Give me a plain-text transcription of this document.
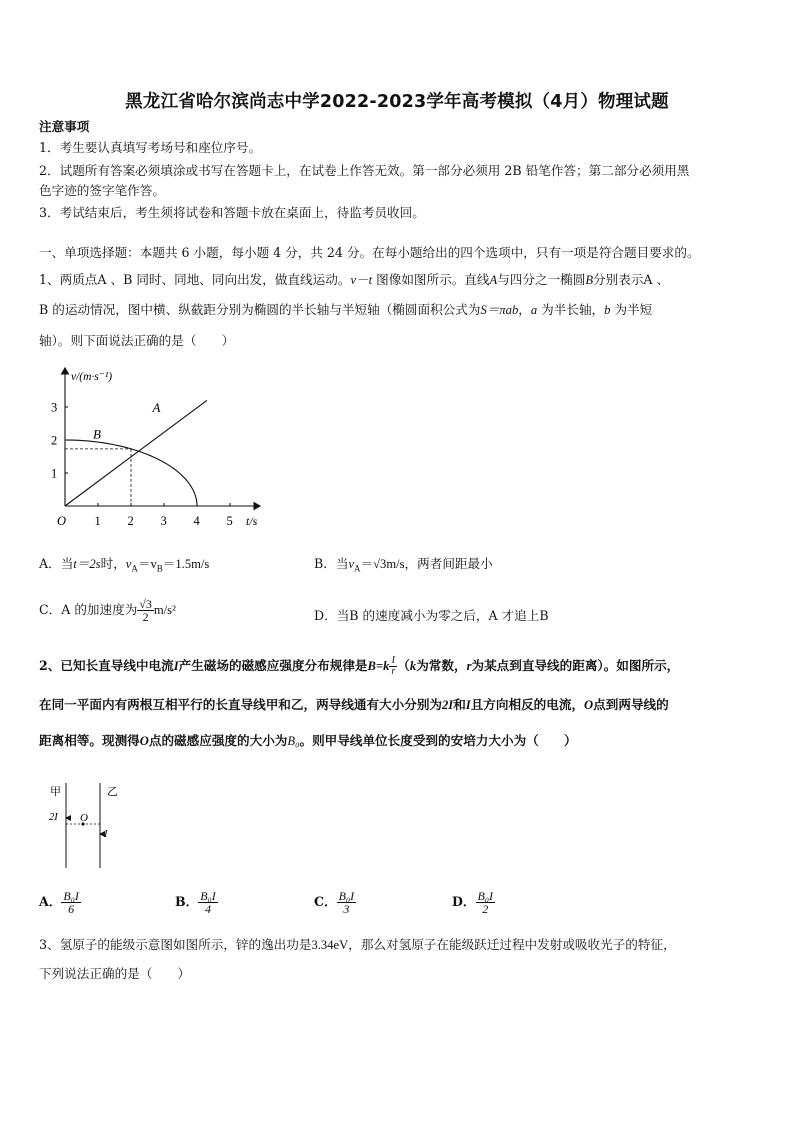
黑龙江省哈尔滨尚志中学2022-2023学年高考模拟（4月）物理试题
注意事项
1．考生要认真填写考场号和座位序号。
2．试题所有答案必须填涂或书写在答题卡上，在试卷上作答无效。第一部分必须用 2B 铅笔作答；第二部分必须用黑
色字迹的签字笔作答。
3．考试结束后，考生须将试卷和答题卡放在桌面上，待监考员收回。
一、单项选择题：本题共 6 小题，每小题 4 分，共 24 分。在每小题给出的四个选项中，只有一项是符合题目要求的。
1、两质点A 、B 同时、同地、同向出发，做直线运动。v－t 图像如图所示。直线A与四分之一椭圆B分别表示A 、
B 的运动情况，图中横、纵截距分别为椭圆的半长轴与半短轴（椭圆面积公式为S＝πab，a 为半长轴，b 为半短
轴）。则下面说法正确的是（　　）
1 2 3 4 5
1
2
3	A
B
v/(m·s⁻¹)
t/s
O
A．当t＝2s时，$v_A=v_B=1.5m/s$	B．当$v_A=√3m/s$，两者间距最小
C．A 的加速度为 $\frac{√3}{2} m/s^2$	D．当B 的速度减小为零之后，A 才追上B
2、已知长直导线中电流I产生磁场的磁感应强度分布规律是$B=k \frac{I}{r} (k$为常数，r为某点到直导线的距离）。如图所示，
在同一平面内有两根互相平行的长直导线甲和乙，两导线通有大小分别为2I和I且方向相反的电流，O点到两导线的
距离相等。现测得O点的磁感应强度的大小为B₀。则甲导线单位长度受到的安培力大小为（　　）
甲	乙
2I O
I
A． $\frac{\text{B₀I}}{6}$	B． $\frac{\text{B₀I}}{4}$	C． $\frac{\text{B₀I}}{3}$	D． $\frac{\text{B₀I}}{2}$
3、氢原子的能级示意图如图所示，锌的逸出功是3.34eV，那么对氢原子在能级跃迁过程中发射或吸收光子的特征，
下列说法正确的是（　　）
